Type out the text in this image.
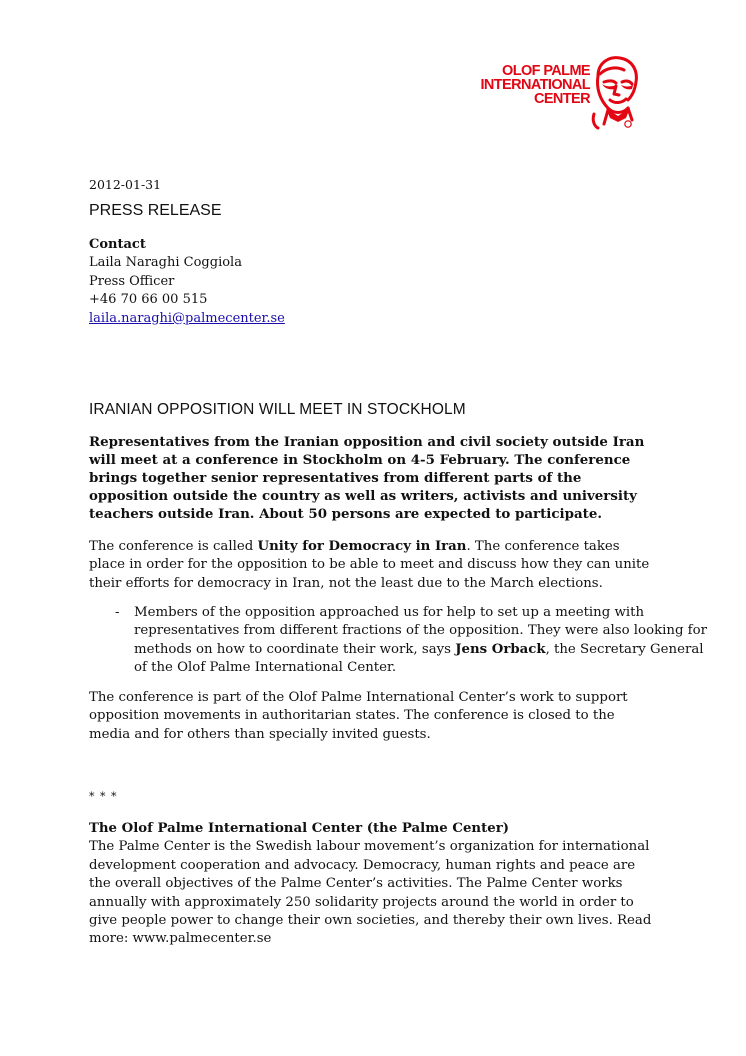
OLOF PALME
INTERNATIONAL
CENTER
2012-01-31
PRESS RELEASE
Contact
Laila Naraghi Coggiola
Press Officer
+46 70 66 00 515
laila.naraghi@palmecenter.se
IRANIAN OPPOSITION WILL MEET IN STOCKHOLM
Representatives from the Iranian opposition and civil society outside Iran will meet at a conference in Stockholm on 4-5 February. The conference brings together senior representatives from different parts of the opposition outside the country as well as writers, activists and university teachers outside Iran. About 50 persons are expected to participate.
The conference is called Unity for Democracy in Iran. The conference takes place in order for the opposition to be able to meet and discuss how they can unite their efforts for democracy in Iran, not the least due to the March elections.
- Members of the opposition approached us for help to set up a meeting with representatives from different fractions of the opposition. They were also looking for methods on how to coordinate their work, says Jens Orback, the Secretary General of the Olof Palme International Center.
The conference is part of the Olof Palme International Center’s work to support opposition movements in authoritarian states. The conference is closed to the media and for others than specially invited guests.
* * *
The Olof Palme International Center (the Palme Center)
The Palme Center is the Swedish labour movement’s organization for international development cooperation and advocacy. Democracy, human rights and peace are the overall objectives of the Palme Center’s activities. The Palme Center works annually with approximately 250 solidarity projects around the world in order to give people power to change their own societies, and thereby their own lives. Read more: www.palmecenter.se
